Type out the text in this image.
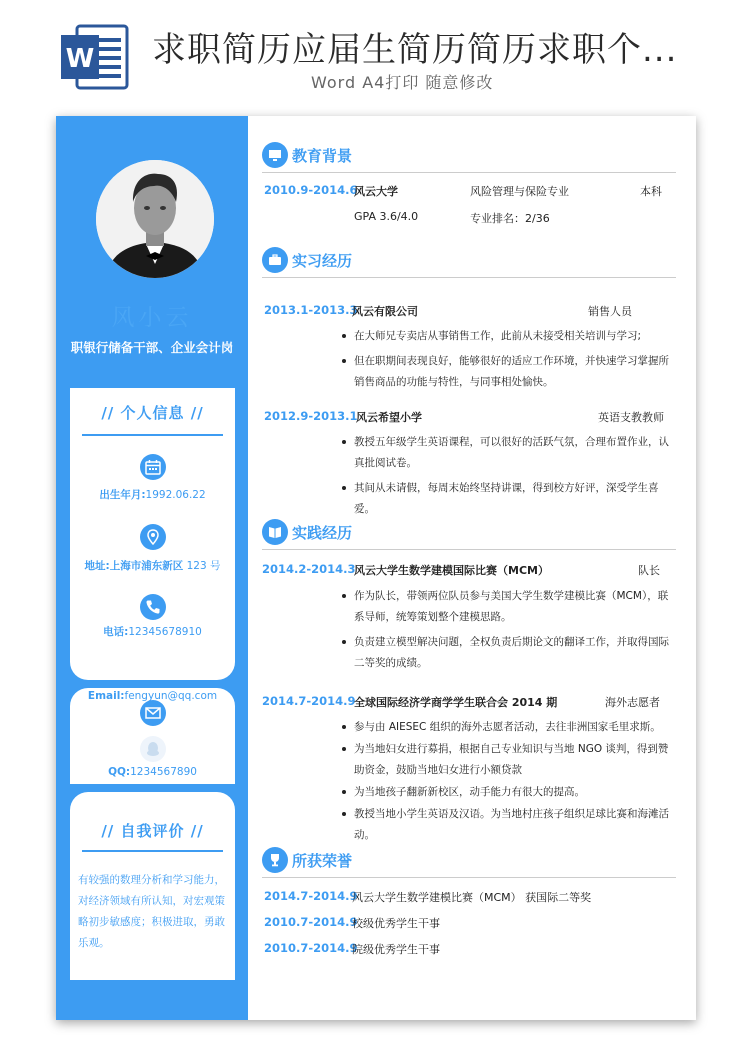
W 求职简历应届生简历简历求职个...
Word A4打印 随意修改
风小云
职银行储备干部、企业会计岗
// 个人信息 //
出生年月:1992.06.22
地址:上海市浦东新区 123 号
电话:12345678910
// 自我评价 //
有较强的数理分析和学习能力，对经济领域有所认知，对宏观策略初步敏感度；积极进取，勇敢乐观。
教育背景
2010.9-2014.6
风云大学	风险管理与保险专业	本科
GPA 3.6/4.0	专业排名：2/36
实习经历
2013.1-2013.3
风云有限公司	销售人员
在大师兄专卖店从事销售工作，此前从未接受相关培训与学习;
但在职期间表现良好，能够很好的适应工作环境，并快速学习掌握所销售商品的功能与特性，与同事相处愉快。
2012.9-2013.1
风云希望小学	英语支教教师
教授五年级学生英语课程，可以很好的活跃气氛，合理布置作业，认真批阅试卷。
其间从未请假，每周末始终坚持讲课，得到校方好评，深受学生喜爱。
实践经历
2014.2-2014.3
风云大学生数学建模国际比赛（MCM）	队长
作为队长，带领两位队员参与美国大学生数学建模比赛（MCM），联系导师，统筹策划整个建模思路。
负责建立模型解决问题，全权负责后期论文的翻译工作，并取得国际二等奖的成绩。
2014.7-2014.9
全球国际经济学商学学生联合会 2014 期	海外志愿者
参与由 AIESEC 组织的海外志愿者活动，去往非洲国家毛里求斯。
为当地妇女进行募捐，根据自己专业知识与当地 NGO 谈判，得到赞助资金，鼓励当地妇女进行小额贷款
为当地孩子翻新新校区，动手能力有很大的提高。
教授当地小学生英语及汉语。为当地村庄孩子组织足球比赛和海滩活动。
所获荣誉
2014.7-2014.9
风云大学生数学建模比赛（MCM） 获国际二等奖
2010.7-2014.9
校级优秀学生干事
2010.7-2014.9
院级优秀学生干事
Email:fengyun@qq.com
QQ:1234567890
